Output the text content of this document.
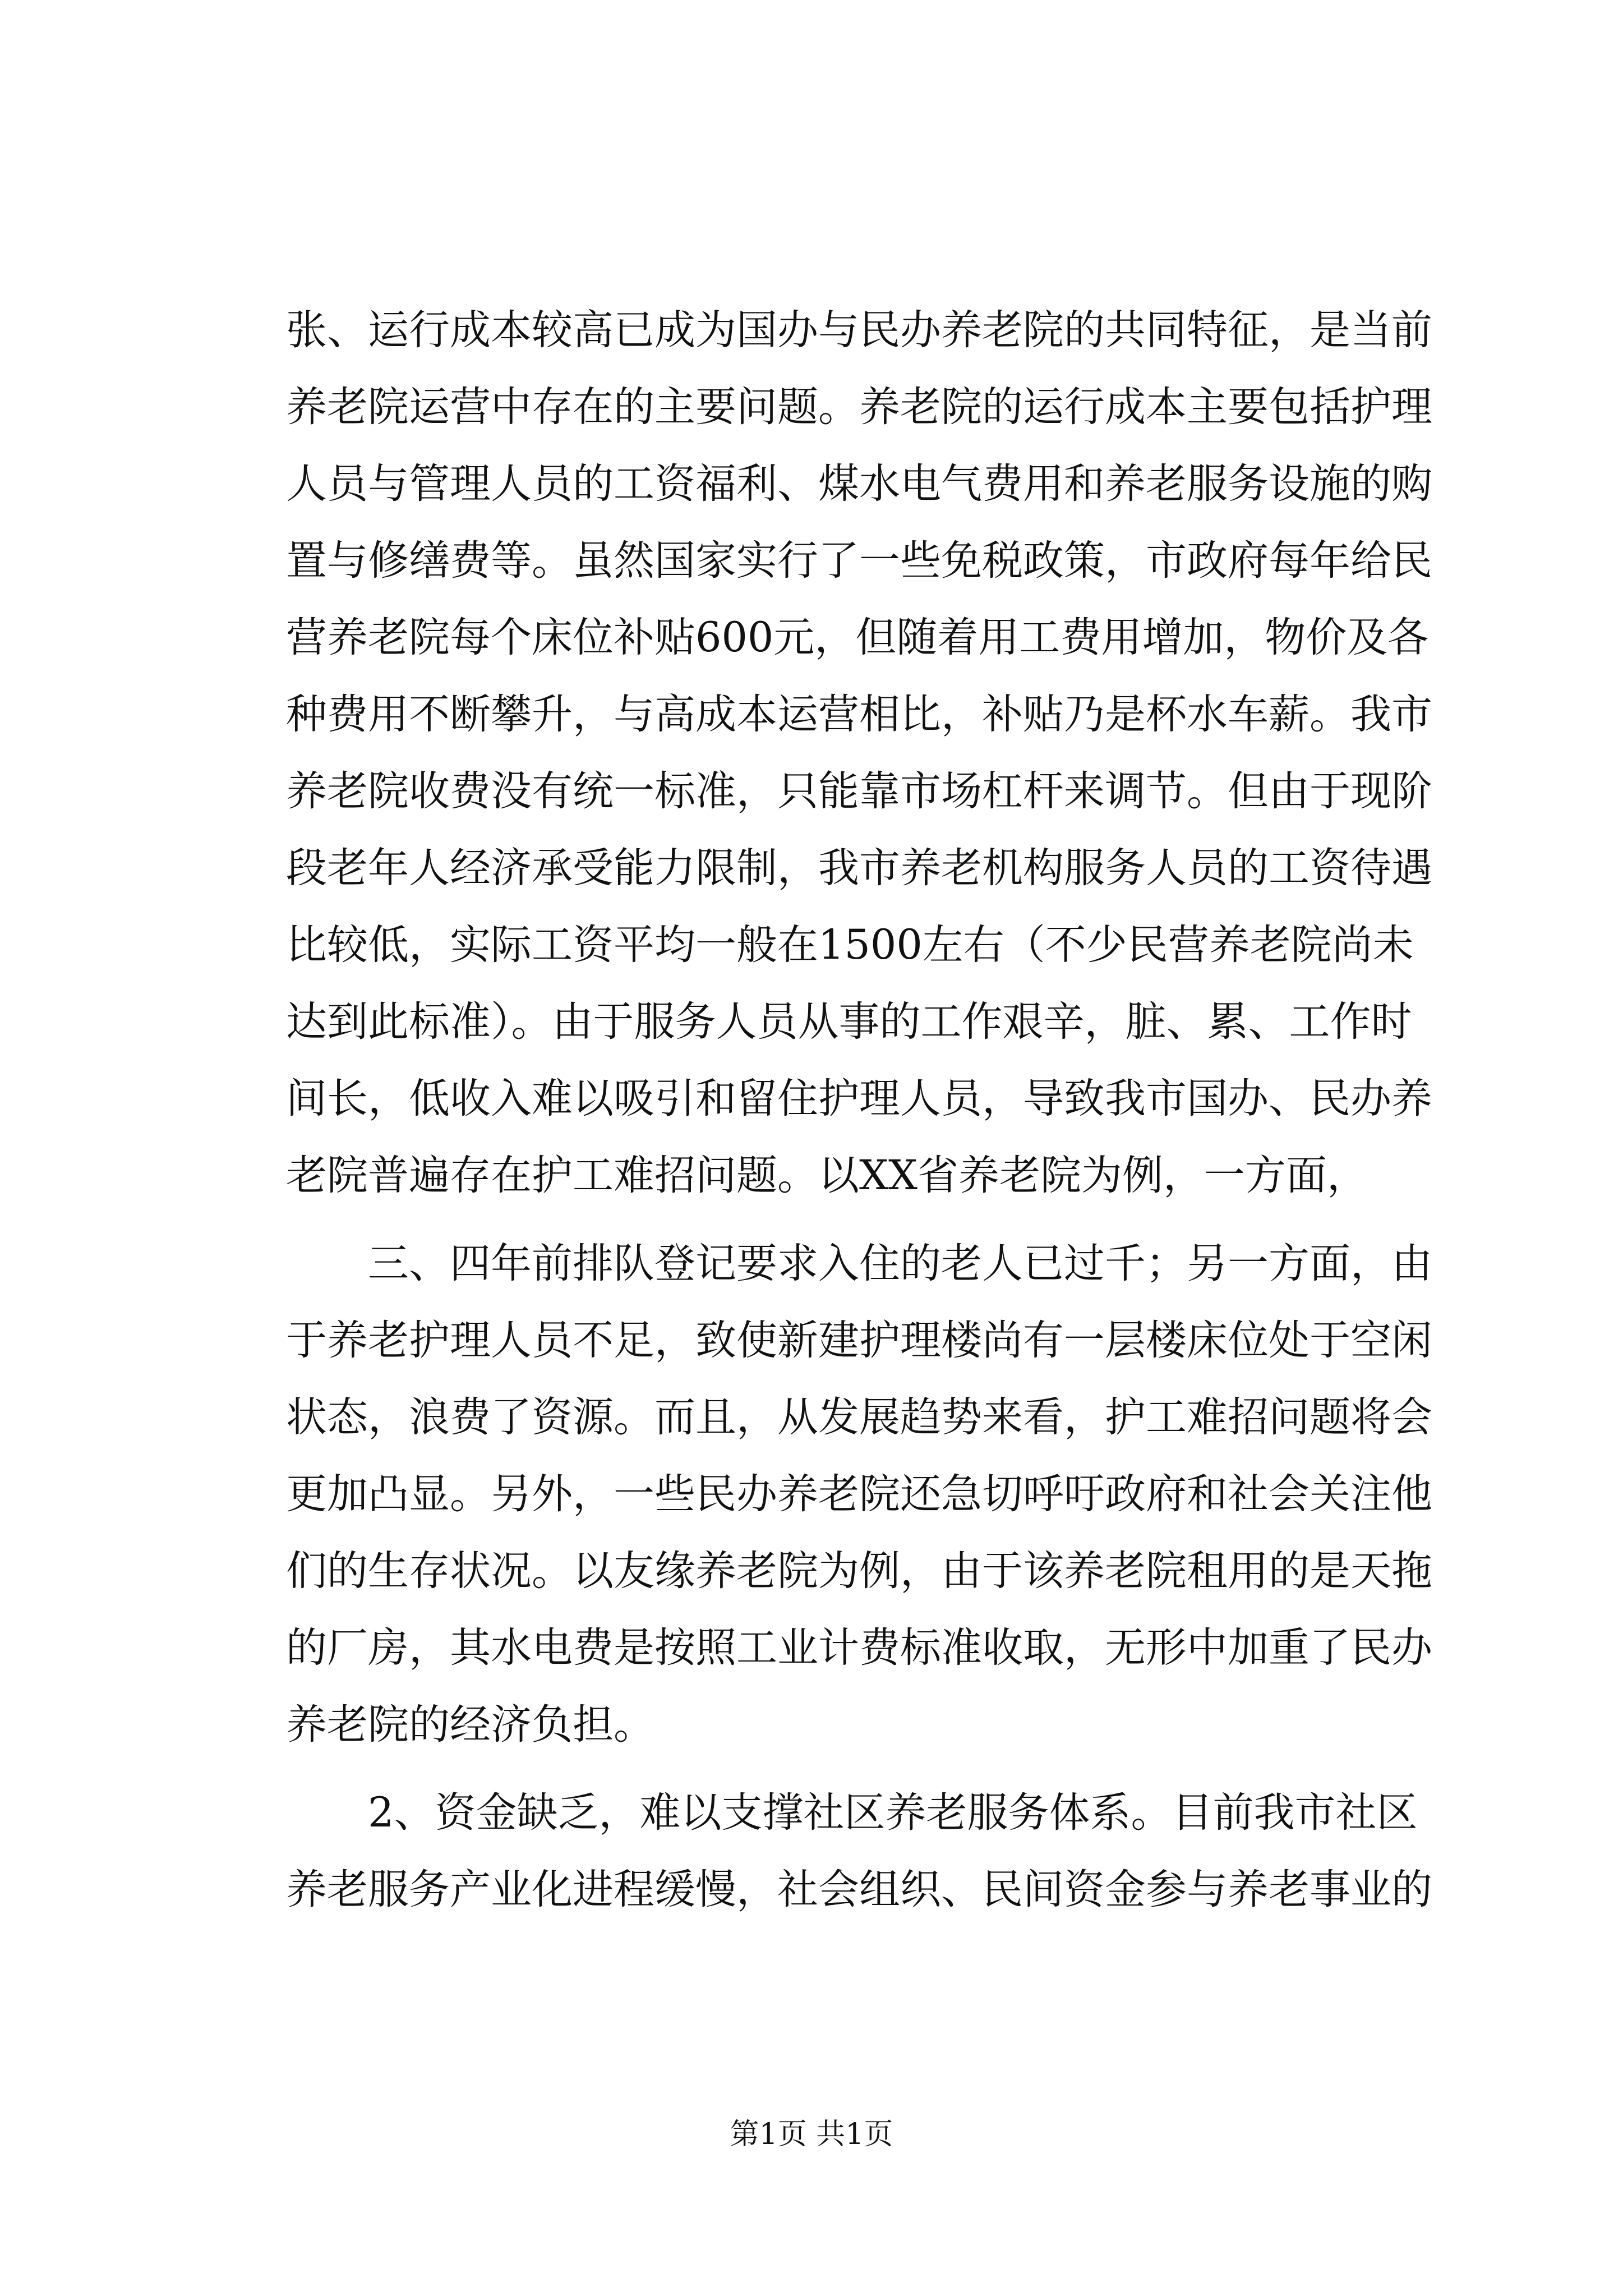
张、运行成本较高已成为国办与民办养老院的共同特征，是当前
养老院运营中存在的主要问题。养老院的运行成本主要包括护理
人员与管理人员的工资福利、煤水电气费用和养老服务设施的购
置与修缮费等。虽然国家实行了一些免税政策，市政府每年给民
营养老院每个床位补贴600元，但随着用工费用增加，物价及各
种费用不断攀升，与高成本运营相比，补贴乃是杯水车薪。我市
养老院收费没有统一标准，只能靠市场杠杆来调节。但由于现阶
段老年人经济承受能力限制，我市养老机构服务人员的工资待遇
比较低，实际工资平均一般在1500左右（不少民营养老院尚未
达到此标准）。由于服务人员从事的工作艰辛，脏、累、工作时
间长，低收入难以吸引和留住护理人员，导致我市国办、民办养
老院普遍存在护工难招问题。以XX省养老院为例，一方面，
三、四年前排队登记要求入住的老人已过千；另一方面，由
于养老护理人员不足，致使新建护理楼尚有一层楼床位处于空闲
状态，浪费了资源。而且，从发展趋势来看，护工难招问题将会
更加凸显。另外，一些民办养老院还急切呼吁政府和社会关注他
们的生存状况。以友缘养老院为例，由于该养老院租用的是天拖
的厂房，其水电费是按照工业计费标准收取，无形中加重了民办
养老院的经济负担。
2、资金缺乏，难以支撑社区养老服务体系。目前我市社区
养老服务产业化进程缓慢，社会组织、民间资金参与养老事业的
第1页 共1页
